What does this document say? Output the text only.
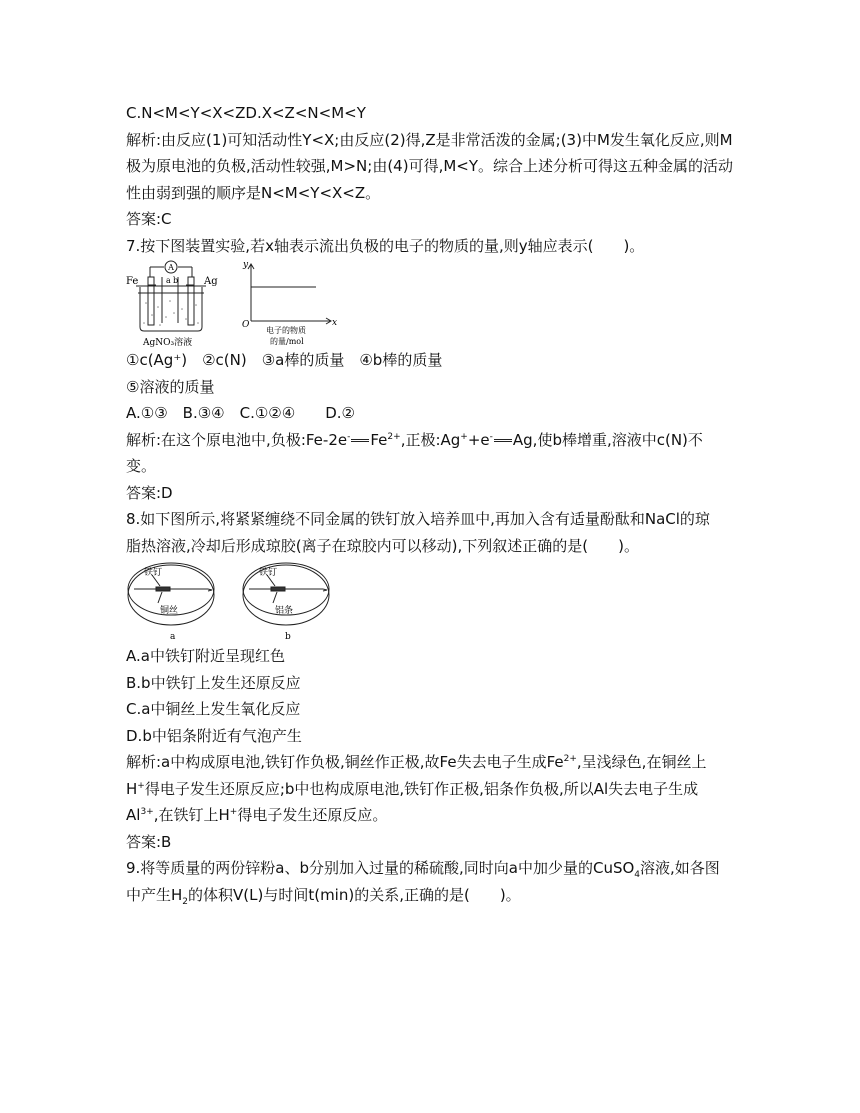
C.N<M<Y<X<ZD.X<Z<N<M<Y
解析:由反应(1)可知活动性Y<X;由反应(2)得,Z是非常活泼的金属;(3)中M发生氧化反应,则M极为原电池的负极,活动性较强,M>N;由(4)可得,M<Y。综合上述分析可得这五种金属的活动性由弱到强的顺序是N<M<Y<X<Z。
答案:C
7.按下图装置实验,若x轴表示流出负极的电子的物质的量,则y轴应表示(　　)。
A
Fe	Ag
a b
AgNO₃溶液
y
x
O
电子的物质
的量/mol
①c(Ag⁺)　②c(N)　③a棒的质量　④b棒的质量
⑤溶液的质量
A.①③　B.③④　C.①②④　　D.②
解析:在这个原电池中,负极:Fe-2e- $Fe^{2+}$,正极:Ag++e- Ag,使b棒增重,溶液中c(N)不
变。
答案:D
8.如下图所示,将紧紧缠绕不同金属的铁钉放入培养皿中,再加入含有适量酚酞和NaCl的琼
脂热溶液,冷却后形成琼胶(离子在琼胶内可以移动),下列叙述正确的是(　　)。
铁钉
铜丝
a
铁钉
铝条
b
A.a中铁钉附近呈现红色
B.b中铁钉上发生还原反应
C.a中铜丝上发生氧化反应
D.b中铝条附近有气泡产生
解析:a中构成原电池,铁钉作负极,铜丝作正极,故Fe失去电子生成$Fe^{2+}$,呈浅绿色,在铜丝上
H+得电子发生还原反应;b中也构成原电池,铁钉作正极,铝条作负极,所以Al失去电子生成
$Al^{3+}$,在铁钉上H+得电子发生还原反应。
答案:B
9.将等质量的两份锌粉a、b分别加入过量的稀硫酸,同时向a中加少量的CuSO$_4$溶液,如各图
中产生$H_2$的体积V(L)与时间t(min)的关系,正确的是(　　)。
